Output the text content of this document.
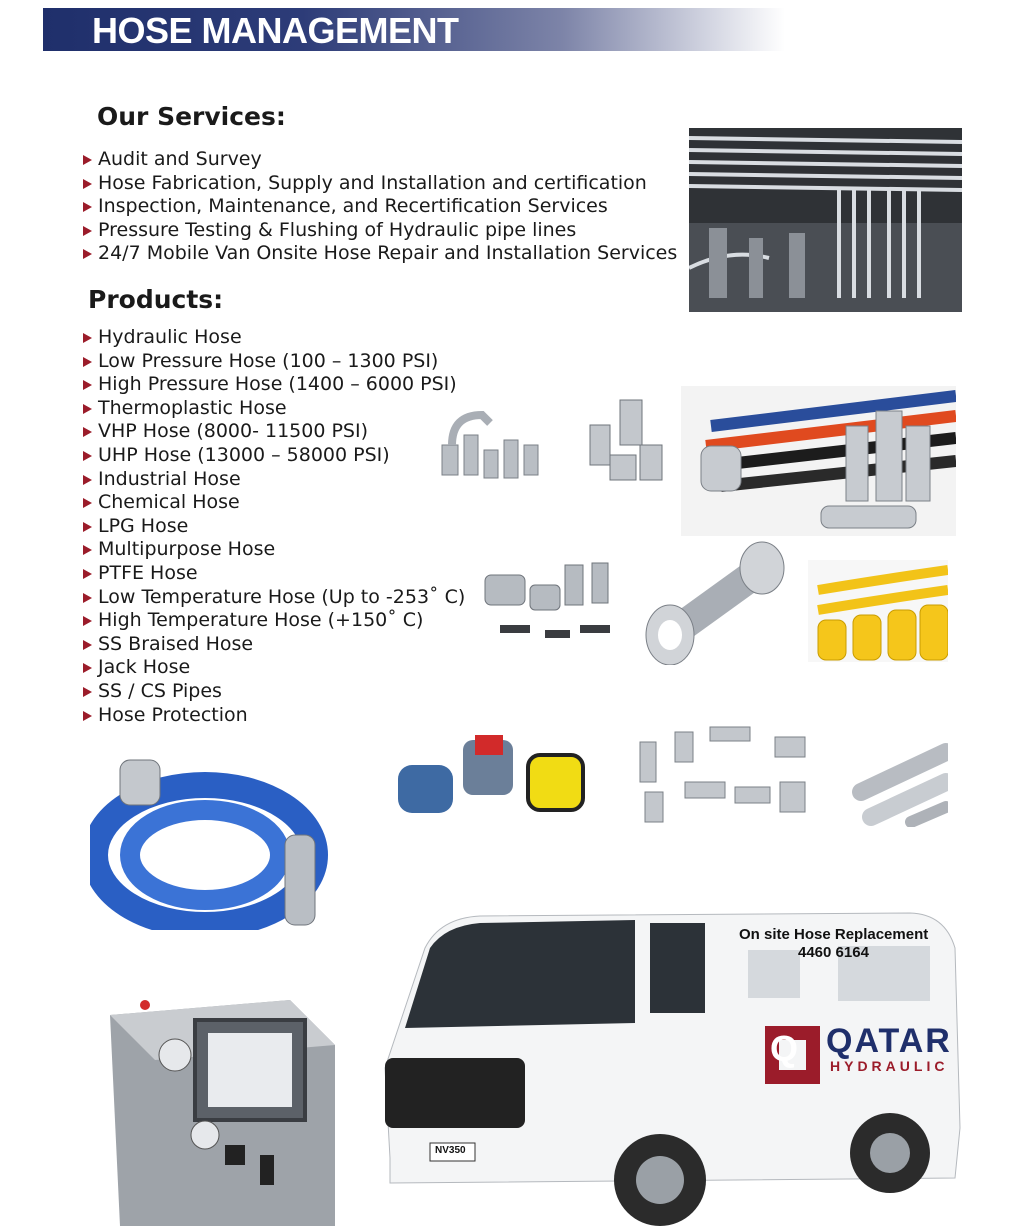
HOSE MANAGEMENT
Our Services:
Audit and Survey
Hose Fabrication, Supply and Installation and certification
Inspection, Maintenance, and Recertification Services
Pressure Testing & Flushing of Hydraulic pipe lines
24/7 Mobile Van Onsite Hose Repair and Installation Services
Products:
Hydraulic Hose
Low Pressure Hose (100 – 1300 PSI)
High Pressure Hose (1400 – 6000 PSI)
Thermoplastic Hose
VHP Hose (8000- 11500 PSI)
UHP Hose (13000 – 58000 PSI)
Industrial Hose
Chemical Hose
LPG Hose
Multipurpose Hose
PTFE Hose
Low Temperature Hose (Up to -253˚ C)
High Temperature Hose (+150˚ C)
SS Braised Hose
Jack Hose
SS / CS Pipes
Hose Protection
On site Hose Replacement
4460 6164
QATAR
HYDRAULIC
Q
NV350
